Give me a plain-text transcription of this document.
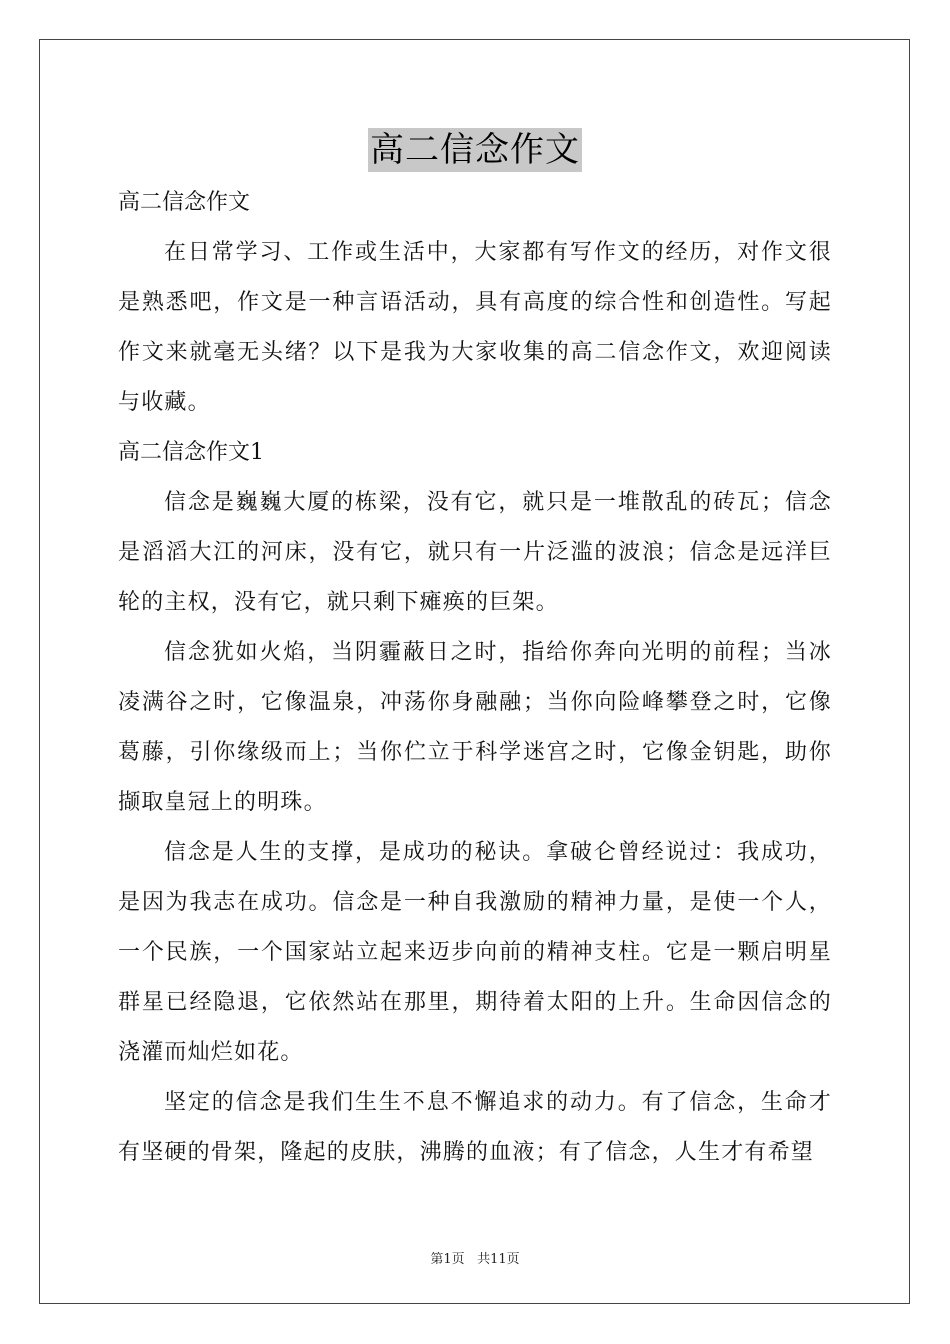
高二信念作文
高二信念作文

在日常学习、工作或生活中，大家都有写作文的经历，对作文很是熟悉吧，作文是一种言语活动，具有高度的综合性和创造性。写起作文来就毫无头绪？以下是我为大家收集的高二信念作文，欢迎阅读与收藏。

高二信念作文1

信念是巍巍大厦的栋梁，没有它，就只是一堆散乱的砖瓦；信念是滔滔大江的河床，没有它，就只有一片泛滥的波浪；信念是远洋巨轮的主权，没有它，就只剩下瘫痪的巨架。

信念犹如火焰，当阴霾蔽日之时，指给你奔向光明的前程；当冰凌满谷之时，它像温泉，冲荡你身融融；当你向险峰攀登之时，它像葛藤，引你缘级而上；当你伫立于科学迷宫之时，它像金钥匙，助你撷取皇冠上的明珠。

信念是人生的支撑，是成功的秘诀。拿破仑曾经说过：我成功，是因为我志在成功。信念是一种自我激励的精神力量，是使一个人，一个民族，一个国家站立起来迈步向前的精神支柱。它是一颗启明星群星已经隐退，它依然站在那里，期待着太阳的上升。生命因信念的浇灌而灿烂如花。

坚定的信念是我们生生不息不懈追求的动力。有了信念，生命才有坚硬的骨架，隆起的皮肤，沸腾的血液；有了信念，人生才有希望

第1页 共11页
